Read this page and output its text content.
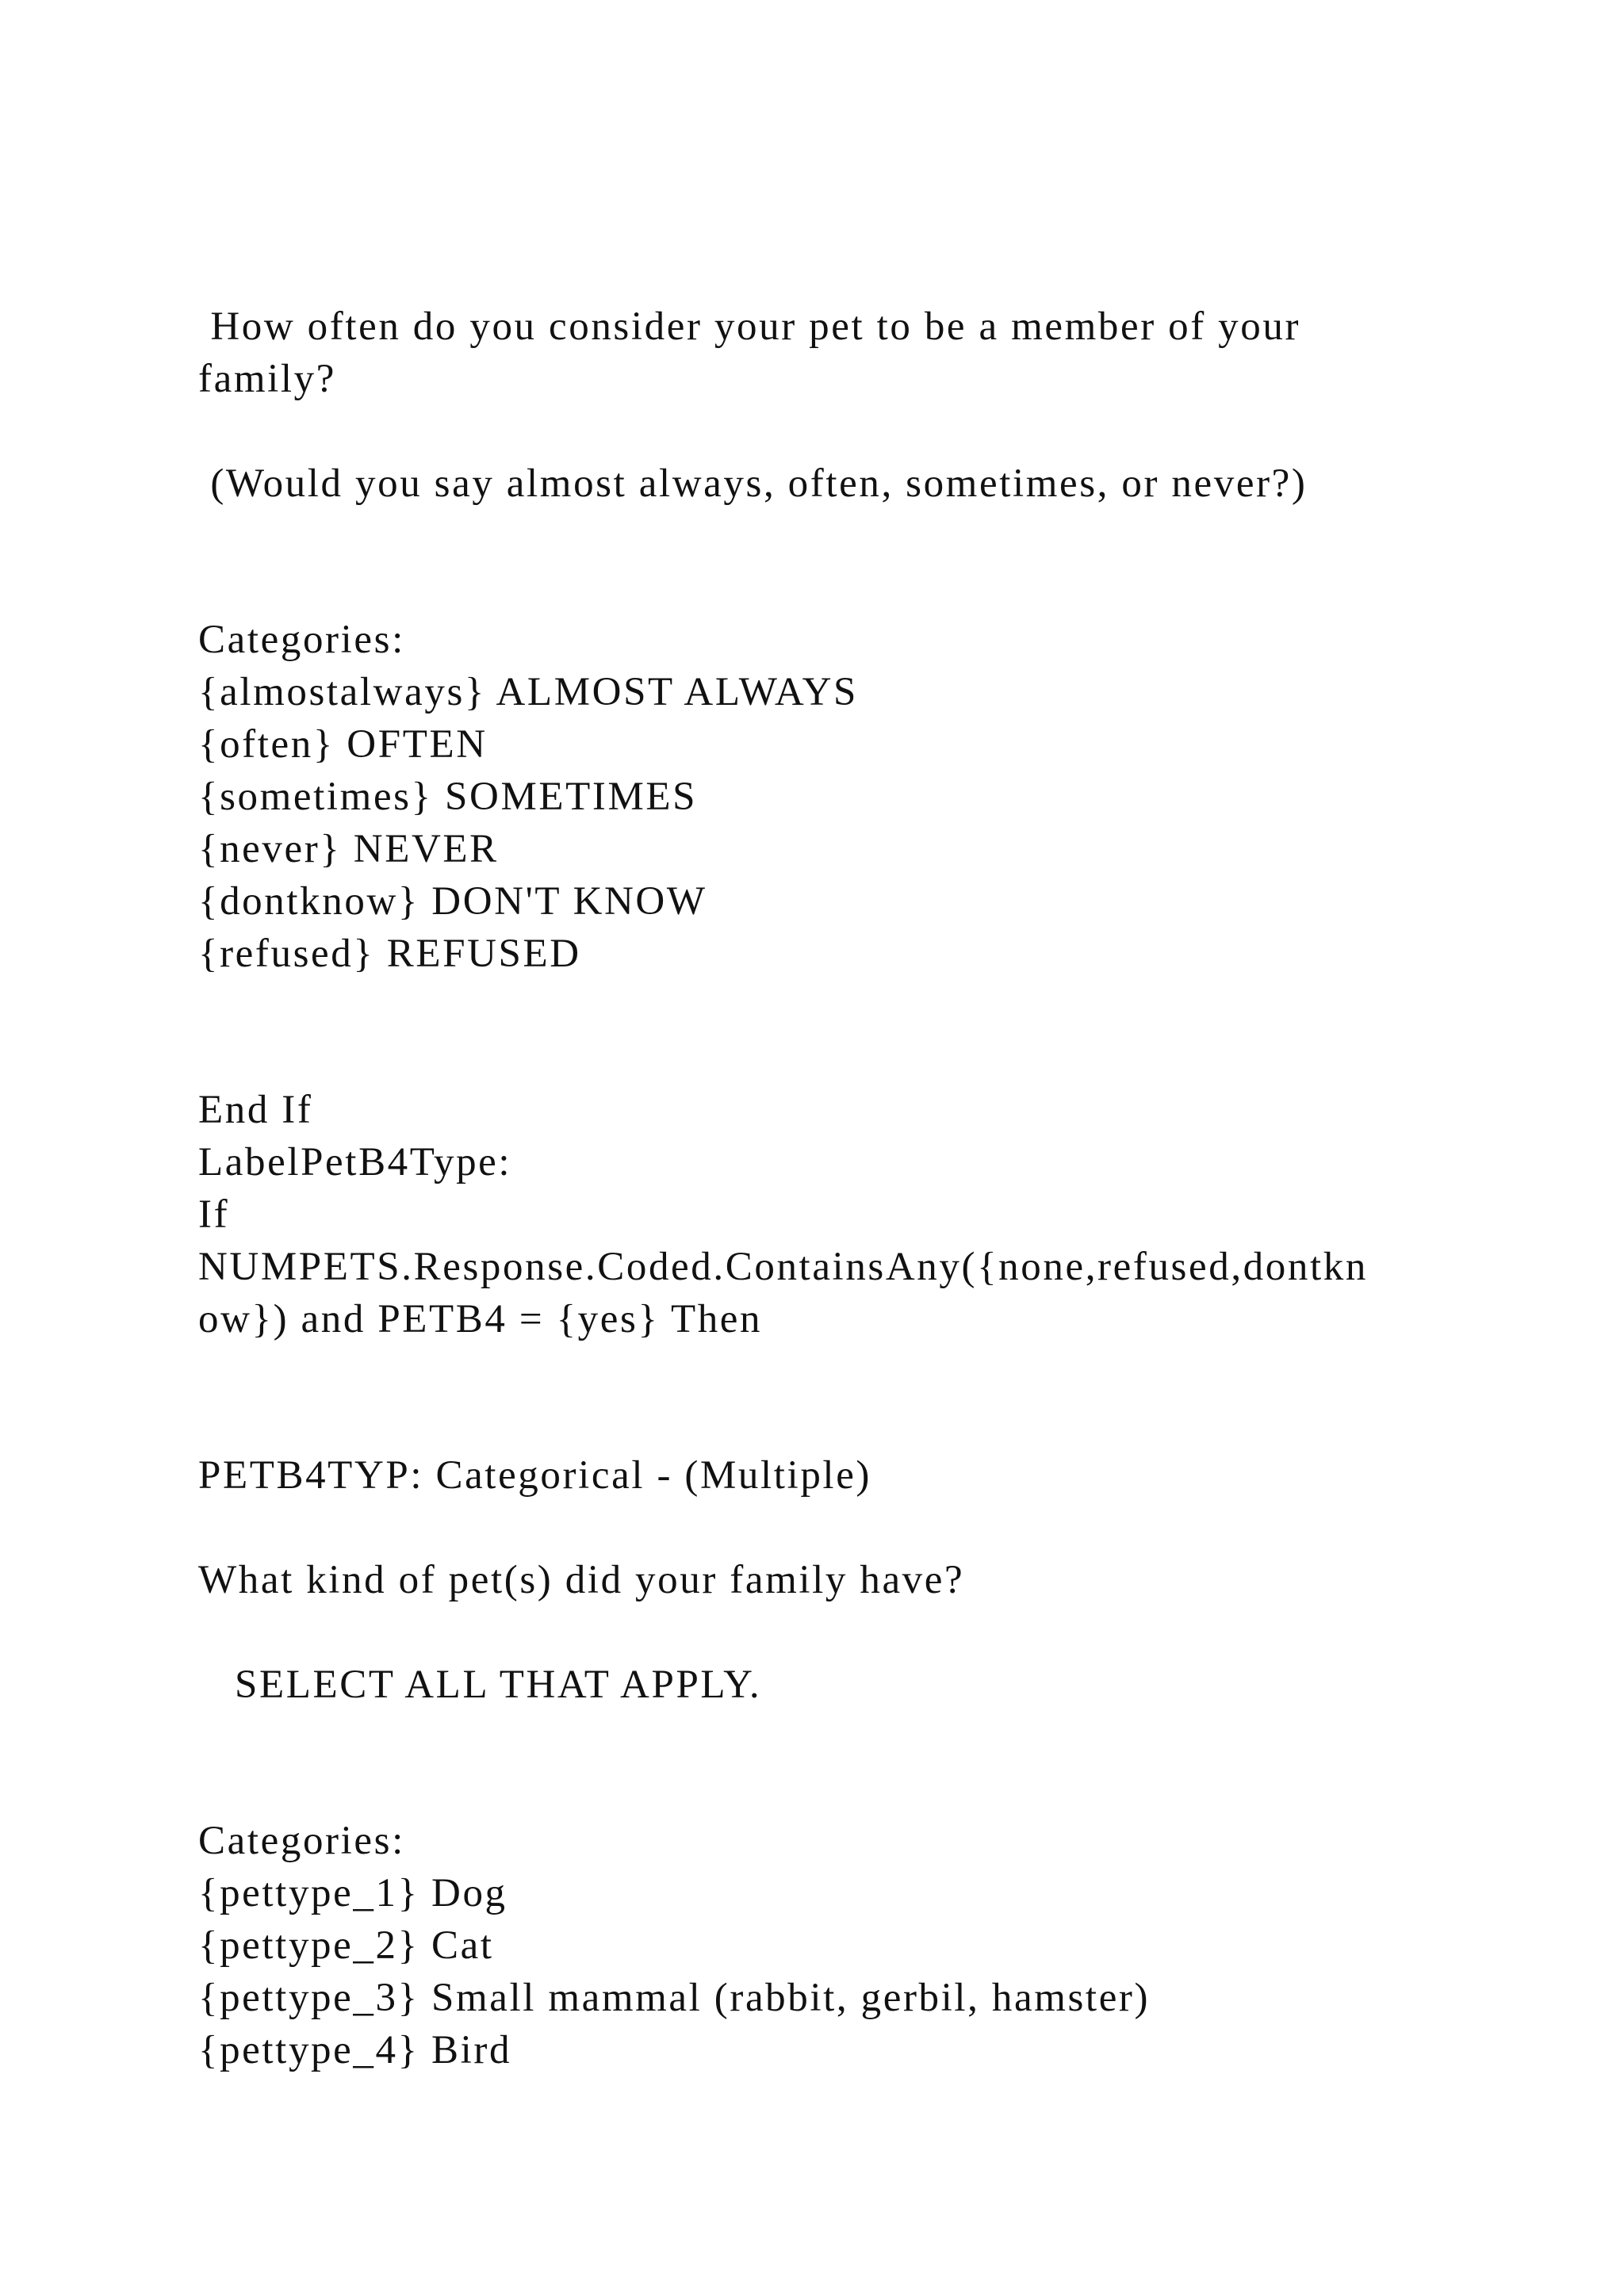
How often do you consider your pet to be a member of your

family?

(Would you say almost always, often, sometimes, or never?)

Categories:

{almostalways} ALMOST ALWAYS

{often} OFTEN

{sometimes} SOMETIMES

{never} NEVER

{dontknow} DON'T KNOW

{refused} REFUSED

End If

LabelPetB4Type:

If

NUMPETS.Response.Coded.ContainsAny({none,refused,dontkn

ow}) and PETB4 = {yes} Then

PETB4TYP: Categorical - (Multiple)

What kind of pet(s) did your family have?

SELECT ALL THAT APPLY.

Categories:

{pettype_1} Dog

{pettype_2} Cat

{pettype_3} Small mammal (rabbit, gerbil, hamster)

{pettype_4} Bird
